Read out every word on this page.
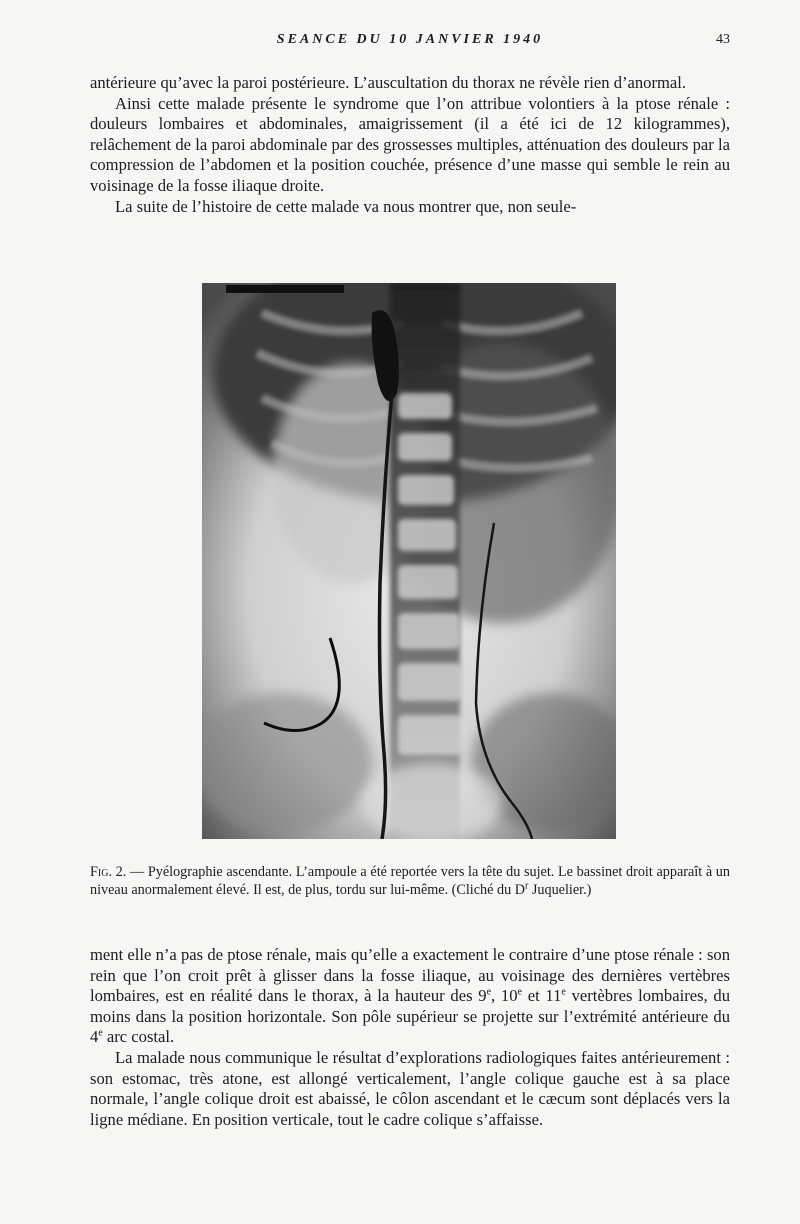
SEANCE DU 10 JANVIER 1940	43

antérieure qu’avec la paroi postérieure. L’auscultation du thorax ne révèle rien d’anormal.

Ainsi cette malade présente le syndrome que l’on attribue volontiers à la ptose rénale : douleurs lombaires et abdominales, amaigrissement (il a été ici de 12 kilogrammes), relâchement de la paroi abdominale par des grossesses multiples, atténuation des douleurs par la compression de l’abdomen et la position couchée, présence d’une masse qui semble le rein au voisinage de la fosse iliaque droite.

La suite de l’histoire de cette malade va nous montrer que, non seule-

Fig. 2. — Pyélographie ascendante. L’ampoule a été reportée vers la tête du sujet. Le bassinet droit apparaît à un niveau anormalement élevé. Il est, de plus, tordu sur lui-même. (Cliché du $D^r$ Juquelier.)

ment elle n’a pas de ptose rénale, mais qu’elle a exactement le contraire d’une ptose rénale : son rein que l’on croit prêt à glisser dans la fosse iliaque, au voisinage des dernières vertèbres lombaires, est en réalité dans le thorax, à la hauteur des 9e, 10e et 11e vertèbres lombaires, du moins dans la position horizontale. Son pôle supérieur se projette sur l’extrémité antérieure du 4e arc costal.

La malade nous communique le résultat d’explorations radiologiques faites antérieurement : son estomac, très atone, est allongé verticalement, l’angle colique gauche est à sa place normale, l’angle colique droit est abaissé, le côlon ascendant et le cæcum sont déplacés vers la ligne médiane. En position verticale, tout le cadre colique s’affaisse.
